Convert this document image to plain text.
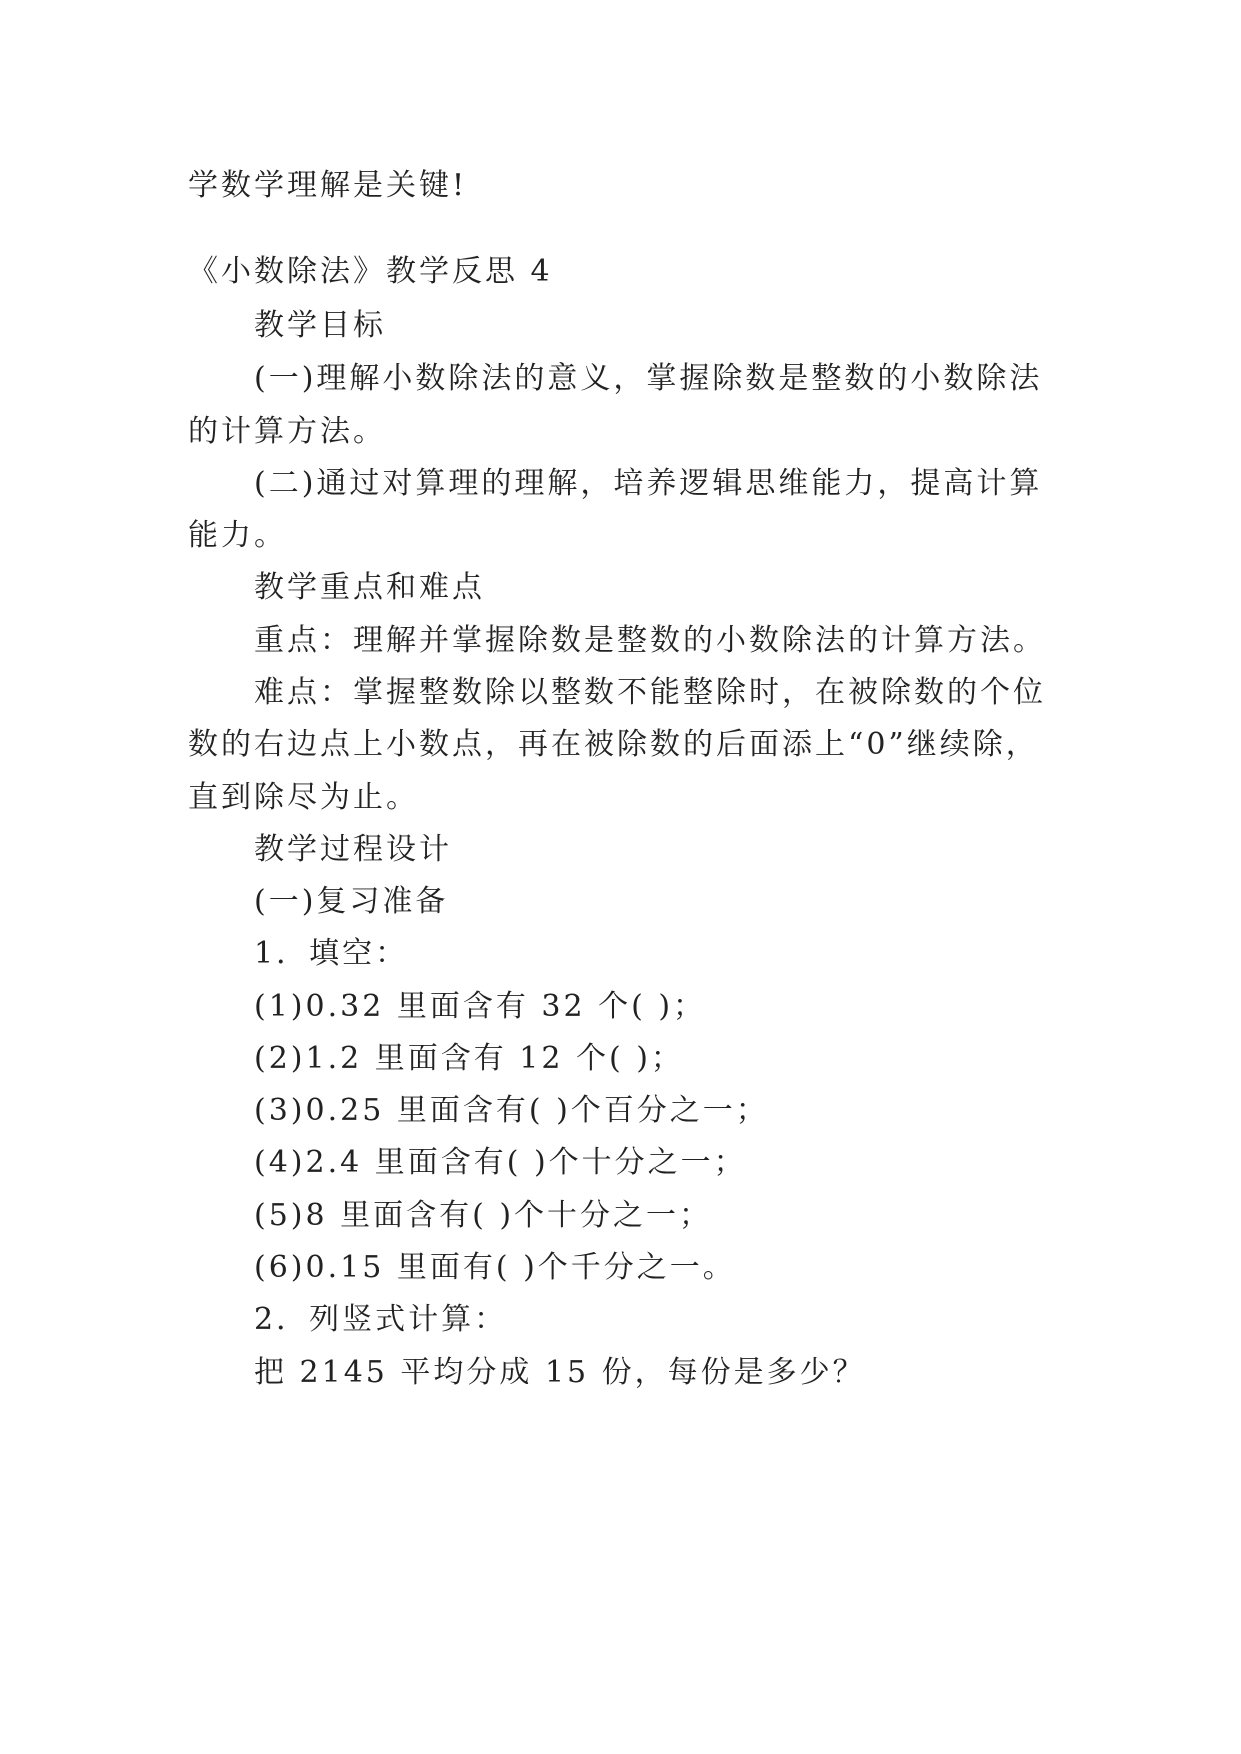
学数学理解是关键!
《小数除法》教学反思 4
教学目标
(一)理解小数除法的意义，掌握除数是整数的小数除法
的计算方法。
(二)通过对算理的理解，培养逻辑思维能力，提高计算
能力。
教学重点和难点
重点：理解并掌握除数是整数的小数除法的计算方法。
难点：掌握整数除以整数不能整除时，在被除数的个位
数的右边点上小数点，再在被除数的后面添上“0”继续除，
直到除尽为止。
教学过程设计
(一)复习准备
1．填空：
(1)0.32 里面含有 32 个( )；
(2)1.2 里面含有 12 个( )；
(3)0.25 里面含有( )个百分之一；
(4)2.4 里面含有( )个十分之一；
(5)8 里面含有( )个十分之一；
(6)0.15 里面有( )个千分之一。
2．列竖式计算：
把 2145 平均分成 15 份，每份是多少？
